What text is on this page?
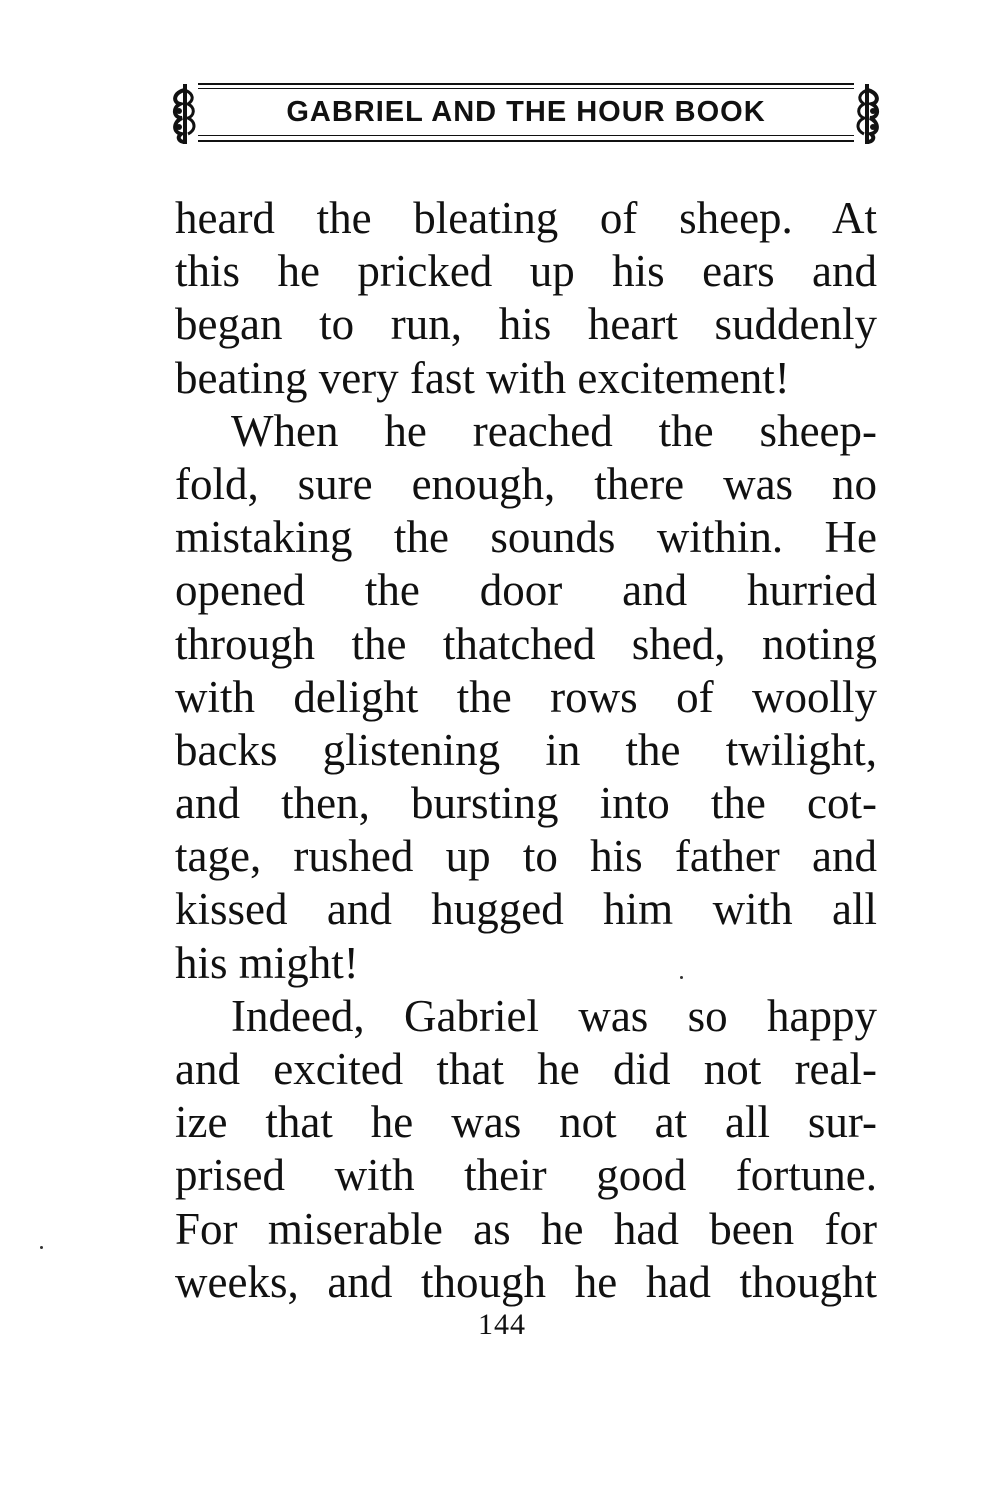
GABRIEL AND THE HOUR BOOK
heard the bleating of sheep. At
this he pricked up his ears and
began to run, his heart suddenly
beating very fast with excitement!
When he reached the sheep-
fold, sure enough, there was no
mistaking the sounds within. He
opened the door and hurried
through the thatched shed, noting
with delight the rows of woolly
backs glistening in the twilight,
and then, bursting into the cot-
tage, rushed up to his father and
kissed and hugged him with all
his might!
Indeed, Gabriel was so happy
and excited that he did not real-
ize that he was not at all sur-
prised with their good fortune.
For miserable as he had been for
weeks, and though he had thought
144
